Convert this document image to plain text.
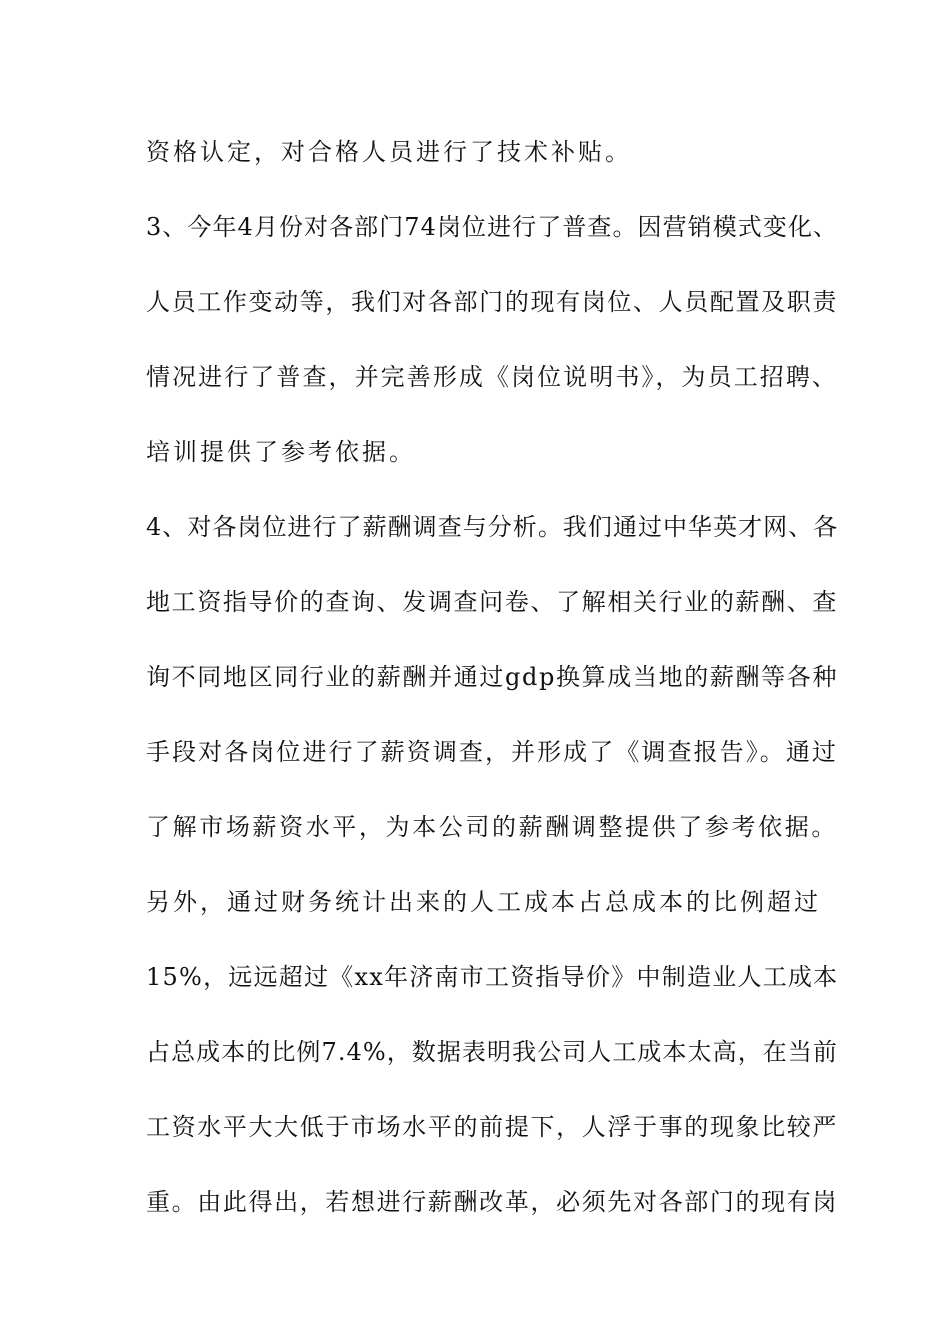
资格认定，对合格人员进行了技术补贴。
3、今年4月份对各部门74岗位进行了普查。因营销模式变化、
人员工作变动等，我们对各部门的现有岗位、人员配置及职责
情况进行了普查，并完善形成《岗位说明书》，为员工招聘、
培训提供了参考依据。
4、对各岗位进行了薪酬调查与分析。我们通过中华英才网、各
地工资指导价的查询、发调查问卷、了解相关行业的薪酬、查
询不同地区同行业的薪酬并通过gdp换算成当地的薪酬等各种
手段对各岗位进行了薪资调查，并形成了《调查报告》。通过
了解市场薪资水平，为本公司的薪酬调整提供了参考依据。
另外，通过财务统计出来的人工成本占总成本的比例超过
15%，远远超过《xx年济南市工资指导价》中制造业人工成本
占总成本的比例7.4%，数据表明我公司人工成本太高，在当前
工资水平大大低于市场水平的前提下，人浮于事的现象比较严
重。由此得出，若想进行薪酬改革，必须先对各部门的现有岗
